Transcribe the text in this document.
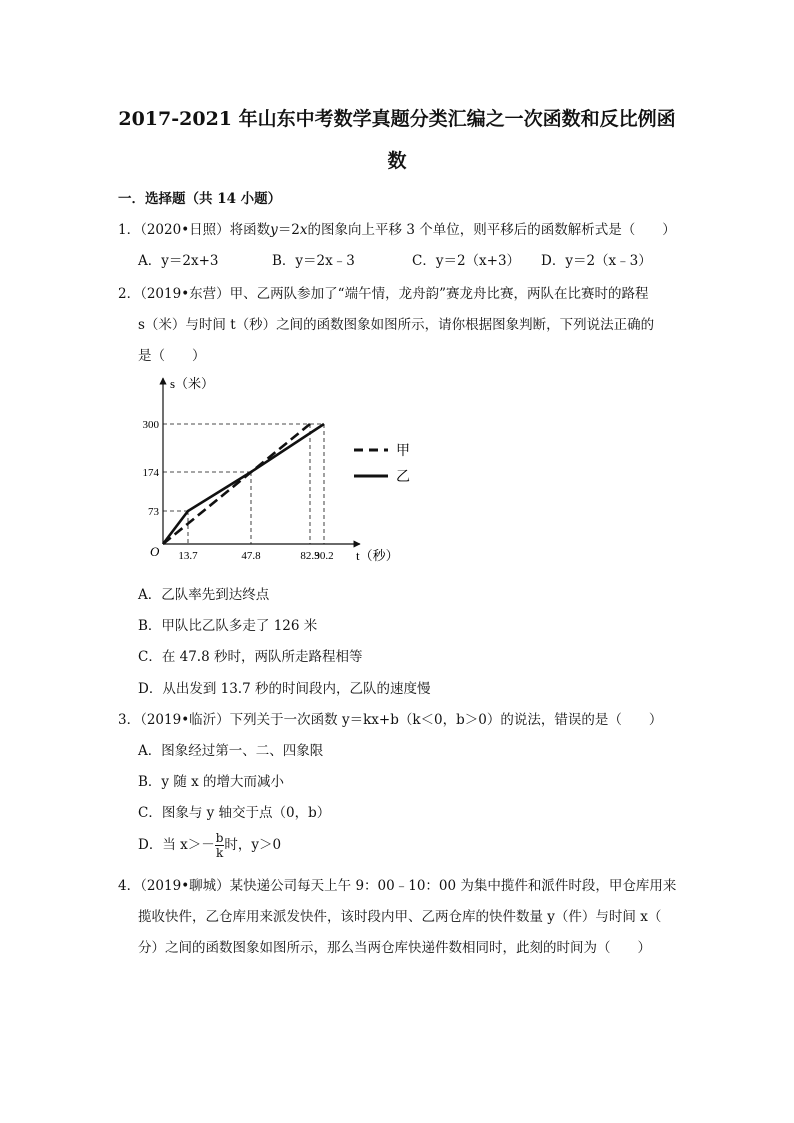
2017-2021 年山东中考数学真题分类汇编之一次函数和反比例函
数
一．选择题（共 14 小题）
1．（2020•日照）将函数y＝2x的图象向上平移 3 个单位，则平移后的函数解析式是（　　）
A．y＝2x+3	B．y＝2x﹣3	C．y＝2（x+3） D．y＝2（x﹣3）
2．（2019•东营）甲、乙两队参加了“端午情，龙舟韵”赛龙舟比赛，两队在比赛时的路程
s（米）与时间 t（秒）之间的函数图象如图所示，请你根据图象判断，下列说法正确的
是（　　）
s（米）
t（秒）
O 13.7	47.8	82.3
90.2
73
174
300
甲
乙
A．乙队率先到达终点
B．甲队比乙队多走了 126 米
C．在 47.8 秒时，两队所走路程相等
D．从出发到 13.7 秒的时间段内，乙队的速度慢
3．（2019•临沂）下列关于一次函数 y＝kx+b（k＜0，b＞0）的说法，错误的是（　　）
A．图象经过第一、二、四象限
B．y 随 x 的增大而减小
C．图象与 y 轴交于点（0，b）
D．当 $x>- \frac{b}{k}$ 时，y＞0
4．（2019•聊城）某快递公司每天上午 9：00﹣10：00 为集中揽件和派件时段，甲仓库用来
揽收快件，乙仓库用来派发快件，该时段内甲、乙两仓库的快件数量 y（件）与时间 x（
分）之间的函数图象如图所示，那么当两仓库快递件数相同时，此刻的时间为（　　）
